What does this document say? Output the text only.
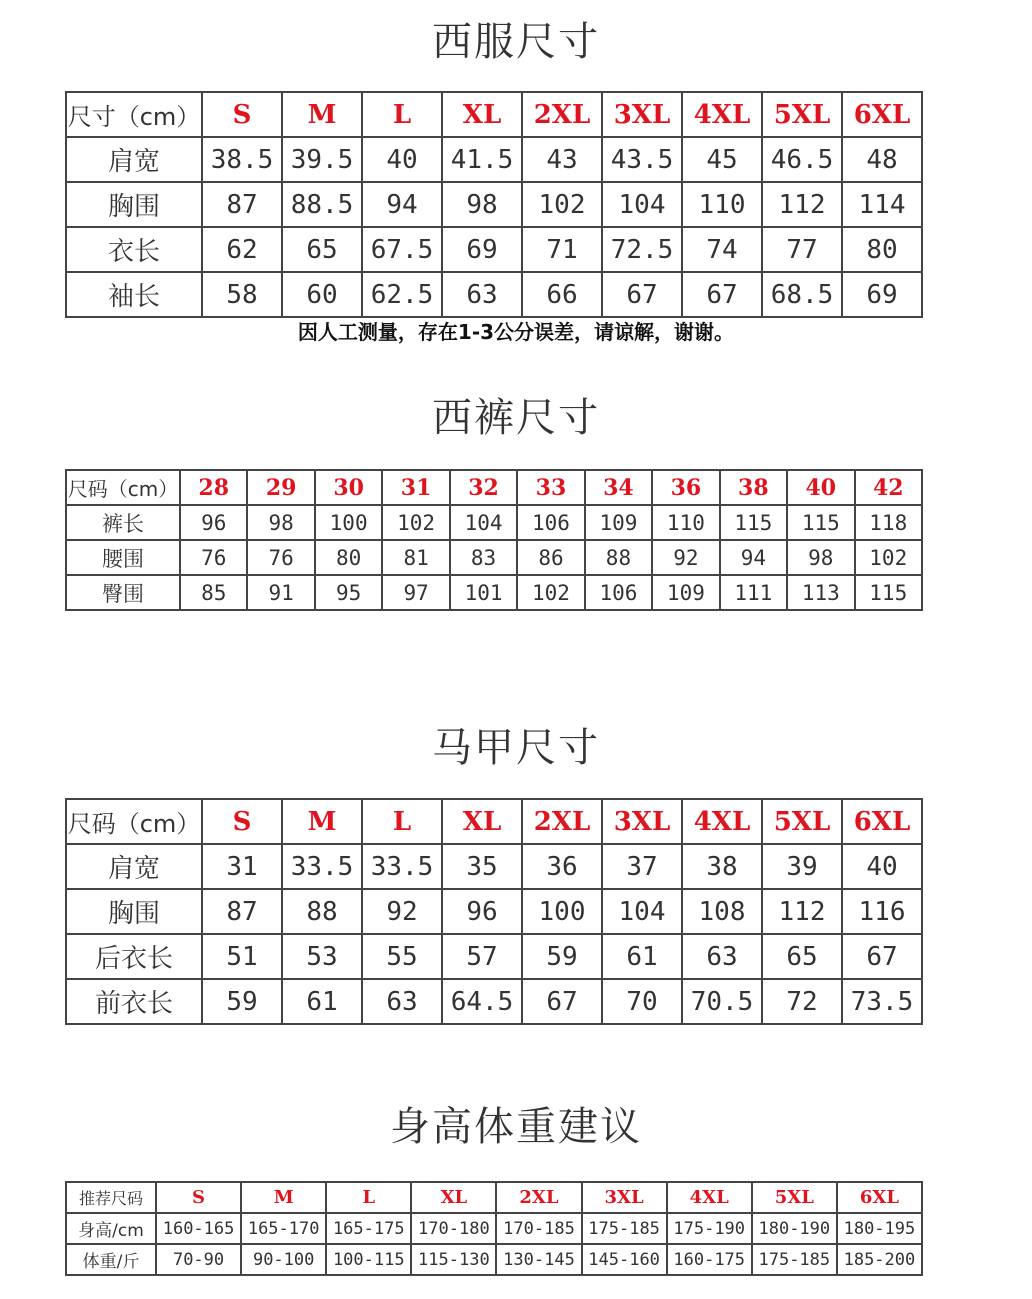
西服尺寸
尺寸（cm）	S	M	L	XL	2XL	3XL	4XL	5XL	6XL
肩宽	38.5	39.5	40	41.5	43	43.5	45	46.5	48
胸围	87	88.5	94	98	102	104	110	112	114
衣长	62	65	67.5	69	71	72.5	74	77	80
袖长	58	60	62.5	63	66	67	67	68.5	69
因人工测量，存在1-3公分误差，请谅解，谢谢。
西裤尺寸
尺码（cm）	28	29	30	31	32	33	34	36	38	40	42
裤长	96	98	100	102	104	106	109	110	115	115	118
腰围	76	76	80	81	83	86	88	92	94	98	102
臀围	85	91	95	97	101	102	106	109	111	113	115
马甲尺寸
尺码（cm）	S	M	L	XL	2XL	3XL	4XL	5XL	6XL
肩宽	31	33.5	33.5	35	36	37	38	39	40
胸围	87	88	92	96	100	104	108	112	116
后衣长	51	53	55	57	59	61	63	65	67
前衣长	59	61	63	64.5	67	70	70.5	72	73.5
身高体重建议
推荐尺码	S	M	L	XL	2XL	3XL	4XL	5XL	6XL
身高/cm	160-165	165-170	165-175	170-180	170-185	175-185	175-190	180-190	180-195
体重/斤	70-90	90-100	100-115	115-130	130-145	145-160	160-175	175-185	185-200
